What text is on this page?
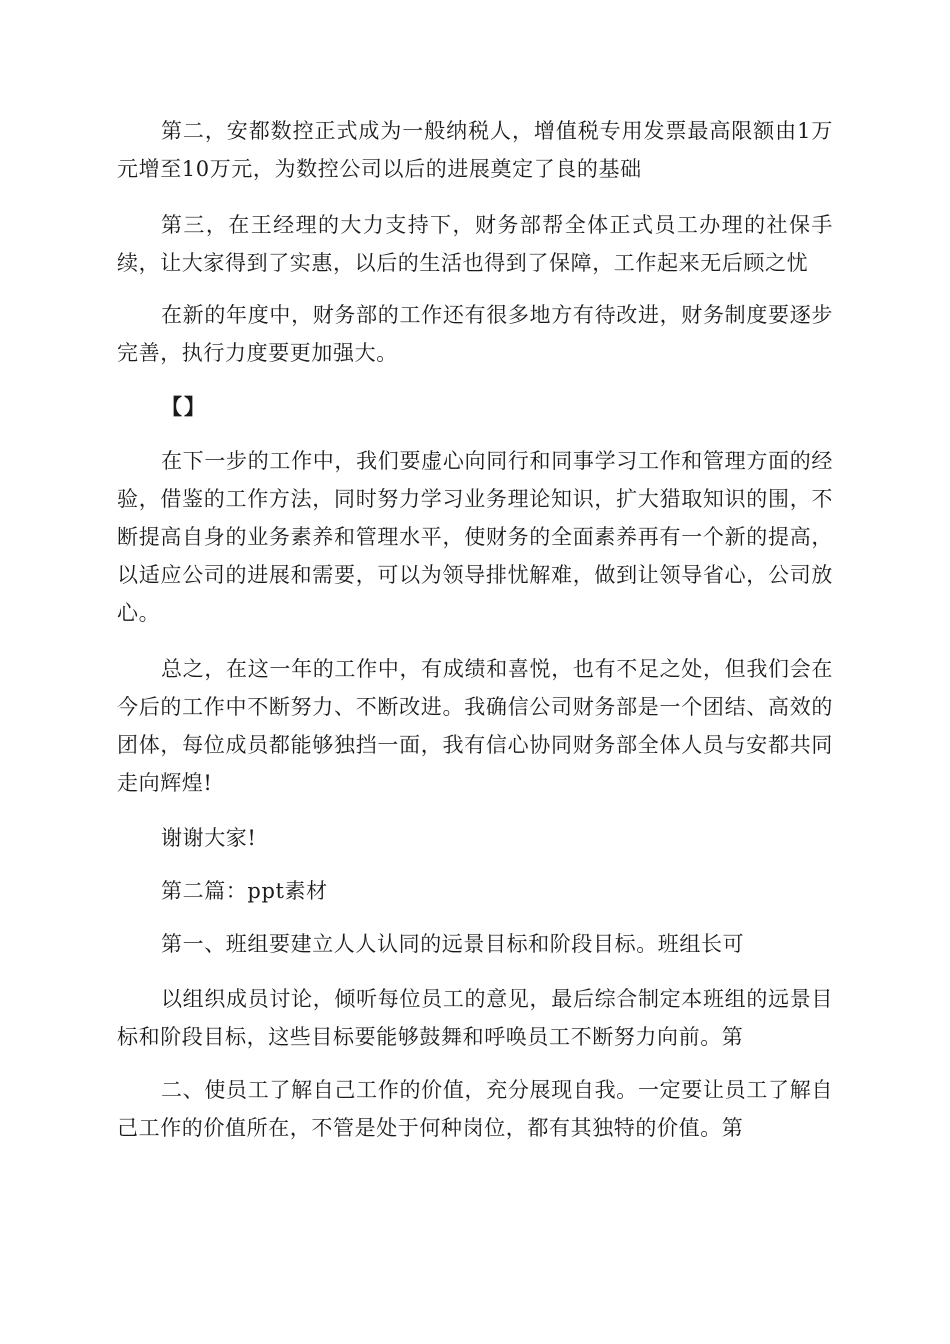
第二，安都数控正式成为一般纳税人，增值税专用发票最高限额由1万元增至10万元，为数控公司以后的进展奠定了良的基础

第三，在王经理的大力支持下，财务部帮全体正式员工办理的社保手续，让大家得到了实惠，以后的生活也得到了保障，工作起来无后顾之忧

在新的年度中，财务部的工作还有很多地方有待改进，财务制度要逐步完善，执行力度要更加强大。

【】

在下一步的工作中，我们要虚心向同行和同事学习工作和管理方面的经验，借鉴的工作方法，同时努力学习业务理论知识，扩大猎取知识的围，不断提高自身的业务素养和管理水平，使财务的全面素养再有一个新的提高，以适应公司的进展和需要，可以为领导排忧解难，做到让领导省心，公司放心。

总之，在这一年的工作中，有成绩和喜悦，也有不足之处，但我们会在今后的工作中不断努力、不断改进。我确信公司财务部是一个团结、高效的团体，每位成员都能够独挡一面，我有信心协同财务部全体人员与安都共同走向辉煌!

谢谢大家!

第二篇：ppt素材

第一、班组要建立人人认同的远景目标和阶段目标。班组长可

以组织成员讨论，倾听每位员工的意见，最后综合制定本班组的远景目标和阶段目标，这些目标要能够鼓舞和呼唤员工不断努力向前。第

二、使员工了解自己工作的价值，充分展现自我。一定要让员工了解自己工作的价值所在，不管是处于何种岗位，都有其独特的价值。第
